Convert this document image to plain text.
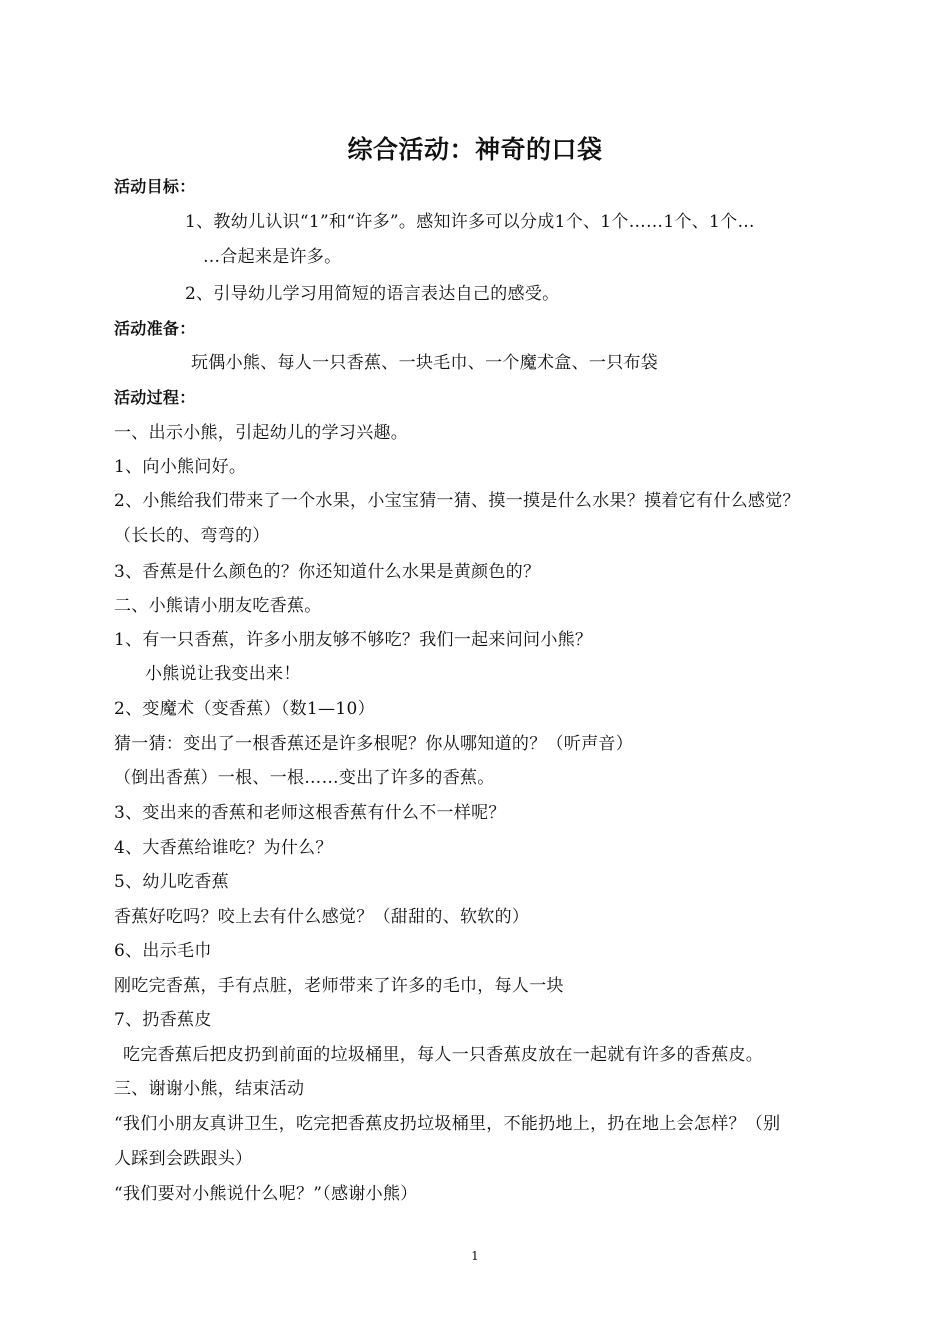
综合活动：神奇的口袋
活动目标：
1、教幼儿认识“1”和“许多”。感知许多可以分成1个、1个……1个、1个…
…合起来是许多。
2、引导幼儿学习用简短的语言表达自己的感受。
活动准备：
玩偶小熊、每人一只香蕉、一块毛巾、一个魔术盒、一只布袋
活动过程：
一、出示小熊，引起幼儿的学习兴趣。
1、向小熊问好。
2、小熊给我们带来了一个水果，小宝宝猜一猜、摸一摸是什么水果？摸着它有什么感觉？
（长长的、弯弯的）
3、香蕉是什么颜色的？你还知道什么水果是黄颜色的？
二、小熊请小朋友吃香蕉。
1、有一只香蕉，许多小朋友够不够吃？我们一起来问问小熊？
小熊说让我变出来！
2、变魔术（变香蕉）（数1—10）
猜一猜：变出了一根香蕉还是许多根呢？你从哪知道的？（听声音）
（倒出香蕉）一根、一根……变出了许多的香蕉。
3、变出来的香蕉和老师这根香蕉有什么不一样呢？
4、大香蕉给谁吃？为什么？
5、幼儿吃香蕉
香蕉好吃吗？咬上去有什么感觉？（甜甜的、软软的）
6、出示毛巾
刚吃完香蕉，手有点脏，老师带来了许多的毛巾，每人一块
7、扔香蕉皮
吃完香蕉后把皮扔到前面的垃圾桶里，每人一只香蕉皮放在一起就有许多的香蕉皮。
三、谢谢小熊，结束活动
“我们小朋友真讲卫生，吃完把香蕉皮扔垃圾桶里，不能扔地上，扔在地上会怎样？（别
人踩到会跌跟头）
“我们要对小熊说什么呢？”（感谢小熊）
1
